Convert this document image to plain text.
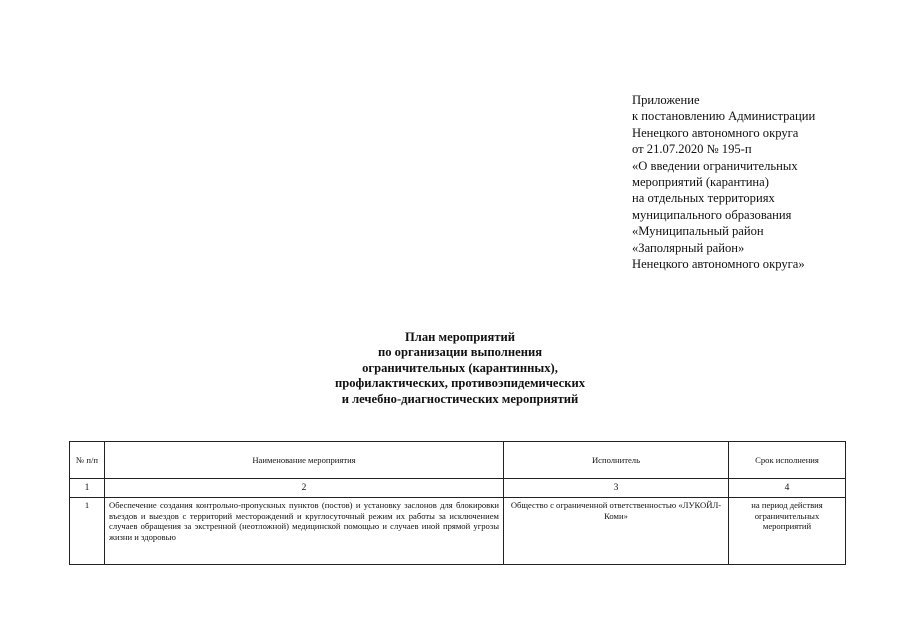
Приложение
к постановлению Администрации
Ненецкого автономного округа
от 21.07.2020 № 195-п
«О введении ограничительных
мероприятий (карантина)
на отдельных территориях
муниципального образования
«Муниципальный район
«Заполярный район»
Ненецкого автономного округа»
План мероприятий
по организации выполнения
ограничительных (карантинных),
профилактических, противоэпидемических
и лечебно-диагностических мероприятий
№ п/п	Наименование мероприятия	Исполнитель	Срок исполнения
1	2	3	4
1	Обеспечение создания контрольно-пропускных пунктов (постов) и установку заслонов для блокировки въездов и выездов с территорий месторождений и круглосуточный режим их работы за исключением случаев обращения за экстренной (неотложной) медицинской помощью и случаев иной прямой угрозы жизни и здоровью	Общество с ограниченной ответственностью «ЛУКОЙЛ-Коми»	на период действия ограничительных мероприятий
